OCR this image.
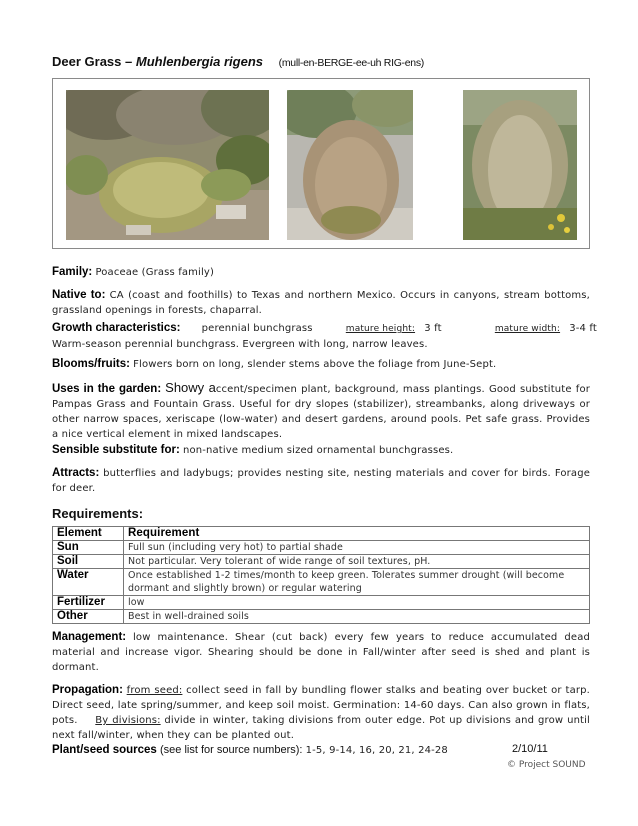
Deer Grass – Muhlenbergia rigens (mull-en-BERGE-ee-uh RIG-ens)
Family: Poaceae (Grass family)
Native to: CA (coast and foothills) to Texas and northern Mexico. Occurs in canyons, stream bottoms, grassland openings in forests, chaparral.
Growth characteristics: perennial bunchgrass	mature height: 3 ft	mature width: 3-4 ft
Warm-season perennial bunchgrass. Evergreen with long, narrow leaves.
Blooms/fruits: Flowers born on long, slender stems above the foliage from June-Sept.
Uses in the garden: Showy accent/specimen plant, background, mass plantings. Good substitute for Pampas Grass and Fountain Grass. Useful for dry slopes (stabilizer), streambanks, along driveways or other narrow spaces, xeriscape (low-water) and desert gardens, around pools. Pet safe grass. Provides a nice vertical element in mixed landscapes.
Sensible substitute for: non-native medium sized ornamental bunchgrasses.
Attracts: butterflies and ladybugs; provides nesting site, nesting materials and cover for birds. Forage for deer.
Requirements:
Element	Requirement
Sun	Full sun (including very hot) to partial shade
Soil	Not particular. Very tolerant of wide range of soil textures, pH.
Water	Once established 1-2 times/month to keep green. Tolerates summer drought (will become dormant and slightly brown) or regular watering
Fertilizer	low
Other	Best in well-drained soils
Management: low maintenance. Shear (cut back) every few years to reduce accumulated dead material and increase vigor. Shearing should be done in Fall/winter after seed is shed and plant is dormant.
Propagation: from seed: collect seed in fall by bundling flower stalks and beating over bucket or tarp. Direct seed, late spring/summer, and keep soil moist. Germination: 14-60 days. Can also grown in flats, pots. By divisions: divide in winter, taking divisions from outer edge. Pot up divisions and grow until next fall/winter, when they can be planted out.
Plant/seed sources (see list for source numbers): 1-5, 9-14, 16, 20, 21, 24-28	2/10/11
© Project SOUND
